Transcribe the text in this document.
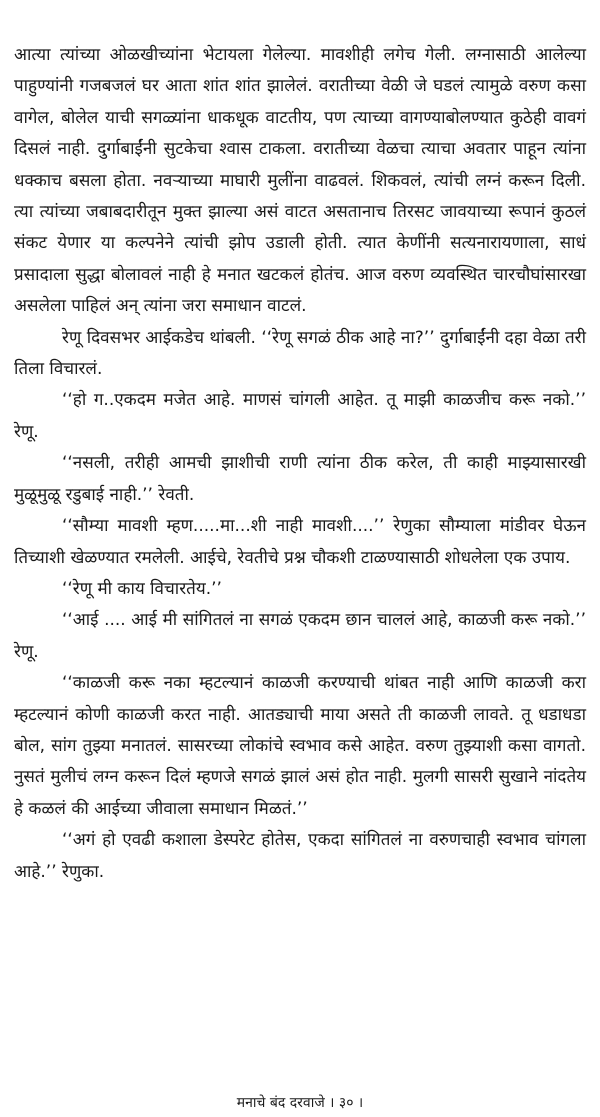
आत्या त्यांच्या ओळखीच्यांना भेटायला गेलेल्या. मावशीही लगेच गेली. लग्नासाठी आलेल्या पाहुण्यांनी गजबजलं घर आता शांत शांत झालेलं. वरातीच्या वेळी जे घडलं त्यामुळे वरुण कसा वागेल, बोलेल याची सगळ्यांना धाकधूक वाटतीय, पण त्याच्या वागण्याबोलण्यात कुठेही वावगं दिसलं नाही. दुर्गाबाईंनी सुटकेचा श्वास टाकला. वरातीच्या वेळचा त्याचा अवतार पाहून त्यांना धक्काच बसला होता. नवऱ्याच्या माघारी मुलींना वाढवलं. शिकवलं, त्यांची लग्नं करून दिली. त्या त्यांच्या जबाबदारीतून मुक्त झाल्या असं वाटत असतानाच तिरसट जावयाच्या रूपानं कुठलं संकट येणार या कल्पनेने त्यांची झोप उडाली होती. त्यात केणींनी सत्यनारायणाला, साधं प्रसादाला सुद्धा बोलावलं नाही हे मनात खटकलं होतंच. आज वरुण व्यवस्थित चारचौघांसारखा असलेला पाहिलं अन् त्यांना जरा समाधान वाटलं.

रेणू दिवसभर आईकडेच थांबली. ‘‘रेणू सगळं ठीक आहे ना?’’ दुर्गाबाईंनी दहा वेळा तरी तिला विचारलं.

‘‘हो ग..एकदम मजेत आहे. माणसं चांगली आहेत. तू माझी काळजीच करू नको.’’ रेणू.

‘‘नसली, तरीही आमची झाशीची राणी त्यांना ठीक करेल, ती काही माझ्यासारखी मुळूमुळू रडुबाई नाही.’’ रेवती.

‘‘सौम्या मावशी म्हण.....मा...शी नाही मावशी....’’ रेणुका सौम्याला मांडीवर घेऊन तिच्याशी खेळण्यात रमलेली. आईचे, रेवतीचे प्रश्न चौकशी टाळण्यासाठी शोधलेला एक उपाय.

‘‘रेणू मी काय विचारतेय.’’

‘‘आई .... आई मी सांगितलं ना सगळं एकदम छान चाललं आहे, काळजी करू नको.’’ रेणू.

‘‘काळजी करू नका म्हटल्यानं काळजी करण्याची थांबत नाही आणि काळजी करा म्हटल्यानं कोणी काळजी करत नाही. आतड्याची माया असते ती काळजी लावते. तू धडाधडा बोल, सांग तुझ्या मनातलं. सासरच्या लोकांचे स्वभाव कसे आहेत. वरुण तुझ्याशी कसा वागतो. नुसतं मुलीचं लग्न करून दिलं म्हणजे सगळं झालं असं होत नाही. मुलगी सासरी सुखाने नांदतेय हे कळलं की आईच्या जीवाला समाधान मिळतं.’’

‘‘अगं हो एवढी कशाला डेस्परेट होतेस, एकदा सांगितलं ना वरुणचाही स्वभाव चांगला आहे.’’ रेणुका.

मनाचे बंद दरवाजे । ३० ।
